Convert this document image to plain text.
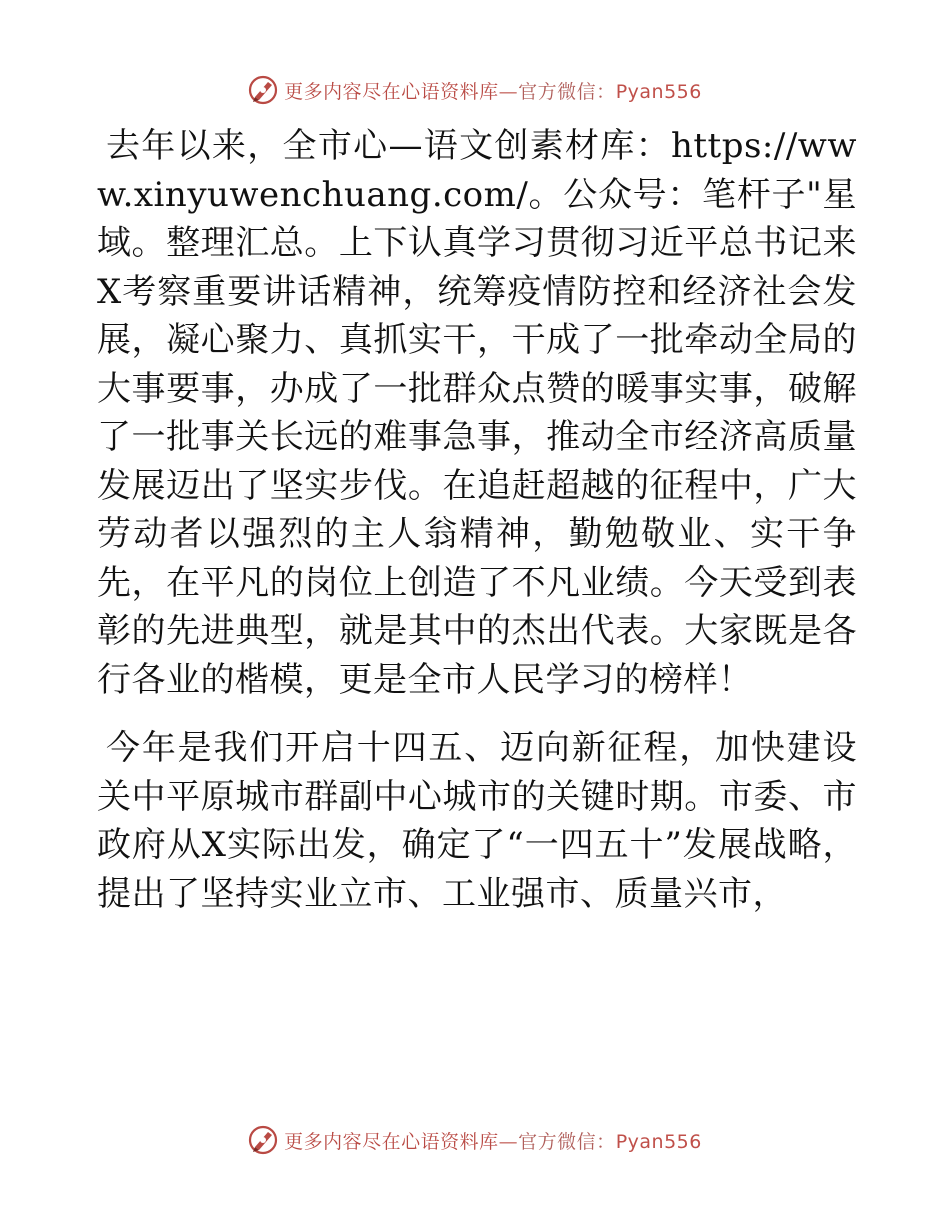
更多内容尽在心语资料库—官方微信：Pyan556

去年以来，全市心—语文创素材库：https://www.xinyuwenchuang.com/。公众号：笔杆子"星域。整理汇总。上下认真学习贯彻习近平总书记来X考察重要讲话精神，统筹疫情防控和经济社会发展，凝心聚力、真抓实干，干成了一批牵动全局的大事要事，办成了一批群众点赞的暖事实事，破解了一批事关长远的难事急事，推动全市经济高质量发展迈出了坚实步伐。在追赶超越的征程中，广大劳动者以强烈的主人翁精神，勤勉敬业、实干争先，在平凡的岗位上创造了不凡业绩。今天受到表彰的先进典型，就是其中的杰出代表。大家既是各行各业的楷模，更是全市人民学习的榜样！

今年是我们开启十四五、迈向新征程，加快建设关中平原城市群副中心城市的关键时期。市委、市政府从X实际出发，确定了“一四五十”发展战略，提出了坚持实业立市、工业强市、质量兴市，

更多内容尽在心语资料库—官方微信：Pyan556
